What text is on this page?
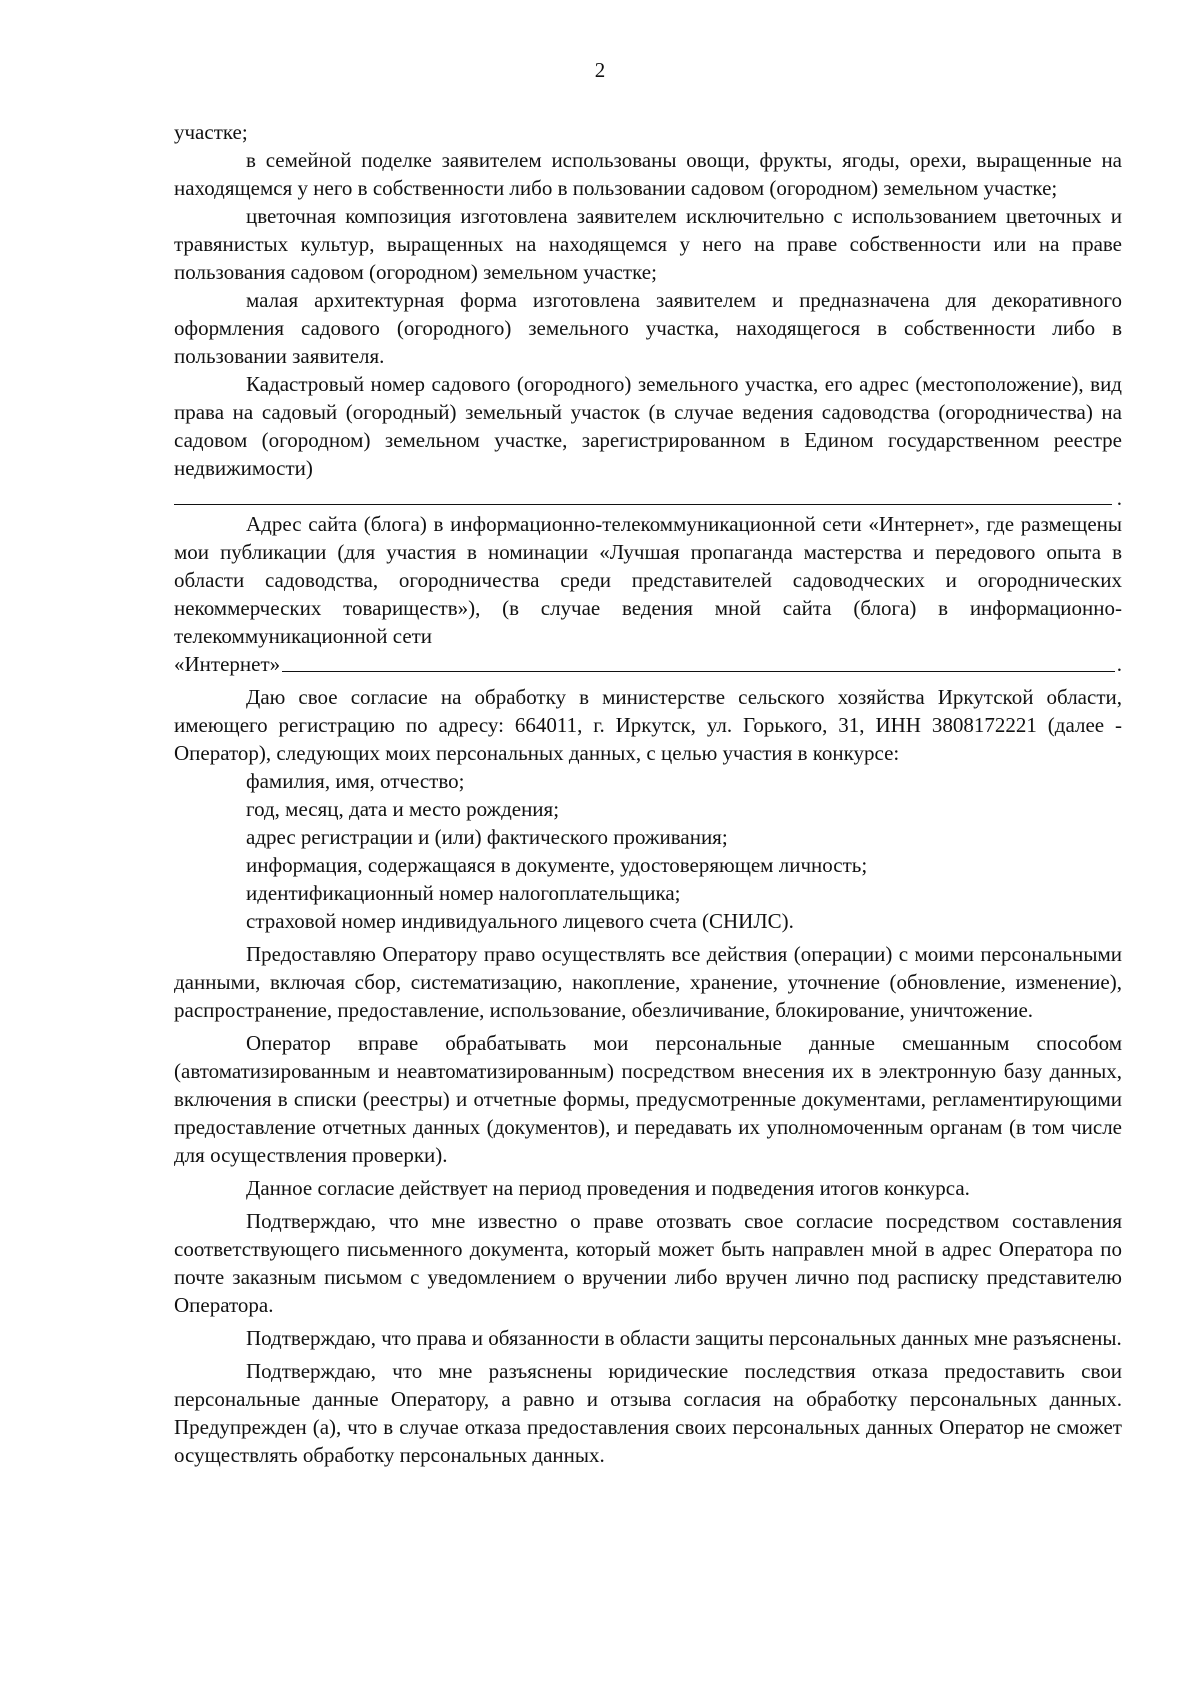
2

участке;

в семейной поделке заявителем использованы овощи, фрукты, ягоды, орехи, выращенные на находящемся у него в собственности либо в пользовании садовом (огородном) земельном участке;

цветочная композиция изготовлена заявителем исключительно с использованием цветочных и травянистых культур, выращенных на находящемся у него на праве собственности или на праве пользования садовом (огородном) земельном участке;

малая архитектурная форма изготовлена заявителем и предназначена для декоративного оформления садового (огородного) земельного участка, находящегося в собственности либо в пользовании заявителя.

Кадастровый номер садового (огородного) земельного участка, его адрес (местоположение), вид права на садовый (огородный) земельный участок (в случае ведения садоводства (огородничества) на садовом (огородном) земельном участке, зарегистрированном в Едином государственном реестре недвижимости)

.

Адрес сайта (блога) в информационно-телекоммуникационной сети «Интернет», где размещены мои публикации (для участия в номинации «Лучшая пропаганда мастерства и передового опыта в области садоводства, огородничества среди представителей садоводческих и огороднических некоммерческих товариществ»), (в случае ведения мной сайта (блога) в информационно-телекоммуникационной сети

«Интернет»	.

Даю свое согласие на обработку в министерстве сельского хозяйства Иркутской области, имеющего регистрацию по адресу: 664011, г. Иркутск, ул. Горького, 31, ИНН 3808172221 (далее - Оператор), следующих моих персональных данных, с целью участия в конкурсе:

фамилия, имя, отчество;

год, месяц, дата и место рождения;

адрес регистрации и (или) фактического проживания;

информация, содержащаяся в документе, удостоверяющем личность;

идентификационный номер налогоплательщика;

страховой номер индивидуального лицевого счета (СНИЛС).

Предоставляю Оператору право осуществлять все действия (операции) с моими персональными данными, включая сбор, систематизацию, накопление, хранение, уточнение (обновление, изменение), распространение, предоставление, использование, обезличивание, блокирование, уничтожение.

Оператор вправе обрабатывать мои персональные данные смешанным способом (автоматизированным и неавтоматизированным) посредством внесения их в электронную базу данных, включения в списки (реестры) и отчетные формы, предусмотренные документами, регламентирующими предоставление отчетных данных (документов), и передавать их уполномоченным органам (в том числе для осуществления проверки).

Данное согласие действует на период проведения и подведения итогов конкурса.

Подтверждаю, что мне известно о праве отозвать свое согласие посредством составления соответствующего письменного документа, который может быть направлен мной в адрес Оператора по почте заказным письмом с уведомлением о вручении либо вручен лично под расписку представителю Оператора.

Подтверждаю, что права и обязанности в области защиты персональных данных мне разъяснены.

Подтверждаю, что мне разъяснены юридические последствия отказа предоставить свои персональные данные Оператору, а равно и отзыва согласия на обработку персональных данных. Предупрежден (а), что в случае отказа предоставления своих персональных данных Оператор не сможет осуществлять обработку персональных данных.
